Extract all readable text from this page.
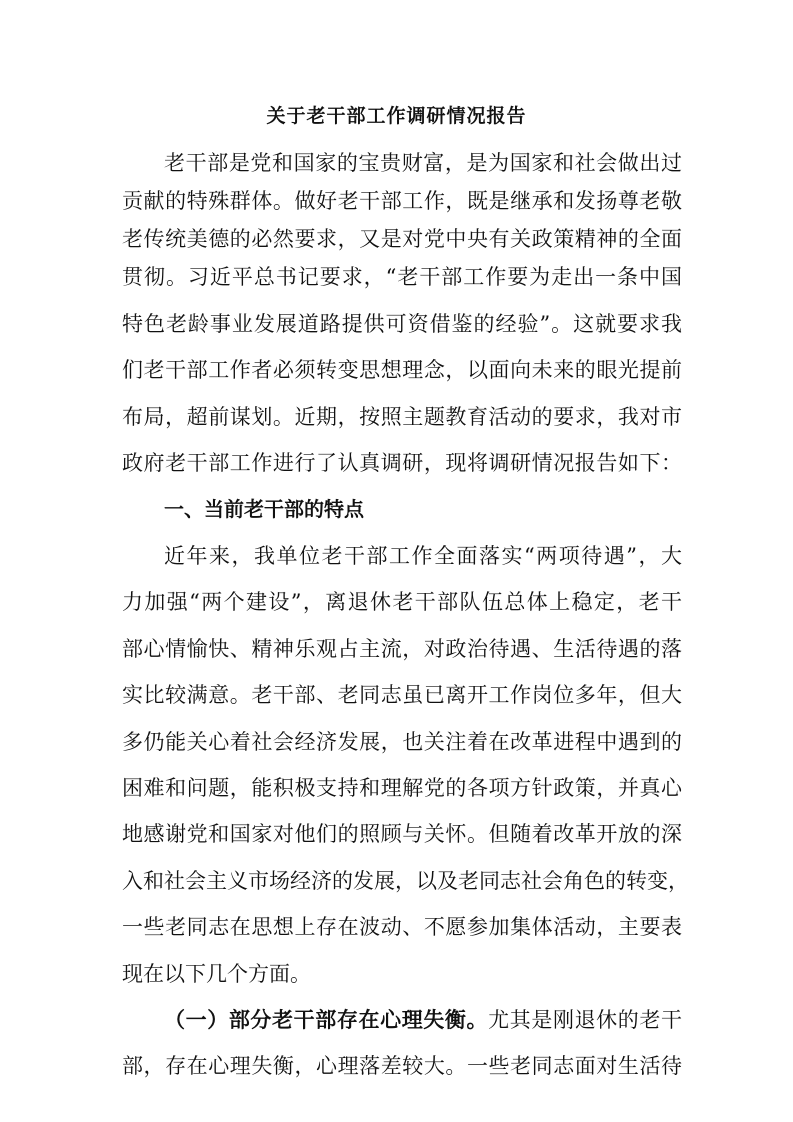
关于老干部工作调研情况报告
老干部是党和国家的宝贵财富，是为国家和社会做出过
贡献的特殊群体。做好老干部工作，既是继承和发扬尊老敬
老传统美德的必然要求，又是对党中央有关政策精神的全面
贯彻。习近平总书记要求，“老干部工作要为走出一条中国
特色老龄事业发展道路提供可资借鉴的经验”。这就要求我
们老干部工作者必须转变思想理念，以面向未来的眼光提前
布局，超前谋划。近期，按照主题教育活动的要求，我对市
政府老干部工作进行了认真调研，现将调研情况报告如下：
一、当前老干部的特点
近年来，我单位老干部工作全面落实“两项待遇”，大
力加强“两个建设”，离退休老干部队伍总体上稳定，老干
部心情愉快、精神乐观占主流，对政治待遇、生活待遇的落
实比较满意。老干部、老同志虽已离开工作岗位多年，但大
多仍能关心着社会经济发展，也关注着在改革进程中遇到的
困难和问题，能积极支持和理解党的各项方针政策，并真心
地感谢党和国家对他们的照顾与关怀。但随着改革开放的深
入和社会主义市场经济的发展，以及老同志社会角色的转变，
一些老同志在思想上存在波动、不愿参加集体活动，主要表
现在以下几个方面。
（一）部分老干部存在心理失衡。尤其是刚退休的老干
部，存在心理失衡，心理落差较大。一些老同志面对生活待
